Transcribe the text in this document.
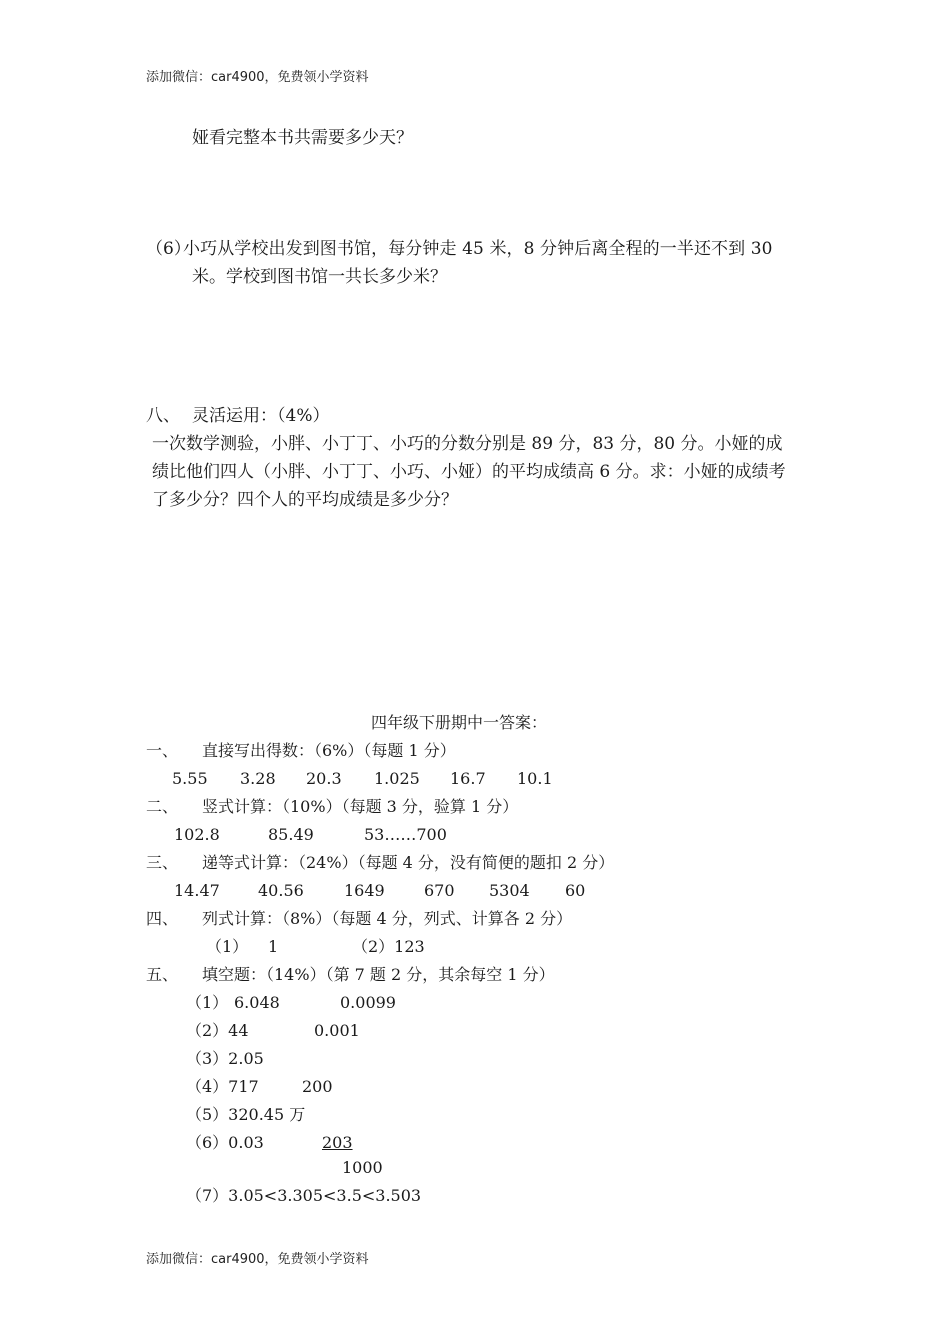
添加微信：car4900，免费领小学资料
娅看完整本书共需要多少天？
（6）
小巧从学校出发到图书馆，每分钟走 45 米，8 分钟后离全程的一半还不到 30
米。学校到图书馆一共长多少米？
八、 灵活运用：（4%）
一次数学测验，小胖、小丁丁、小巧的分数分别是 89 分，83 分，80 分。小娅的成
绩比他们四人（小胖、小丁丁、小巧、小娅）的平均成绩高 6 分。求：小娅的成绩考
了多少分？四个人的平均成绩是多少分？
四年级下册期中一答案：
一、 直接写出得数：（6%）（每题 1 分）
5.55 3.28 20.3 1.025 16.7 10.1
二、 竖式计算：（10%）（每题 3 分，验算 1 分）
102.8	85.49	53……700
三、 递等式计算：（24%）（每题 4 分，没有简便的题扣 2 分）
14.47 40.56	1649 670 5304 60
四、 列式计算：（8%）（每题 4 分，列式、计算各 2 分）
（1） 1	（2）123
五、 填空题：（14%）（第 7 题 2 分，其余每空 1 分）
（1） 6.048	0.0099
（2）44	0.001
（3）2.05
（4）717	200
（5）320.45 万
（6）0.03	203
1000
（7）3.05<3.305<3.5<3.503
添加微信：car4900，免费领小学资料
